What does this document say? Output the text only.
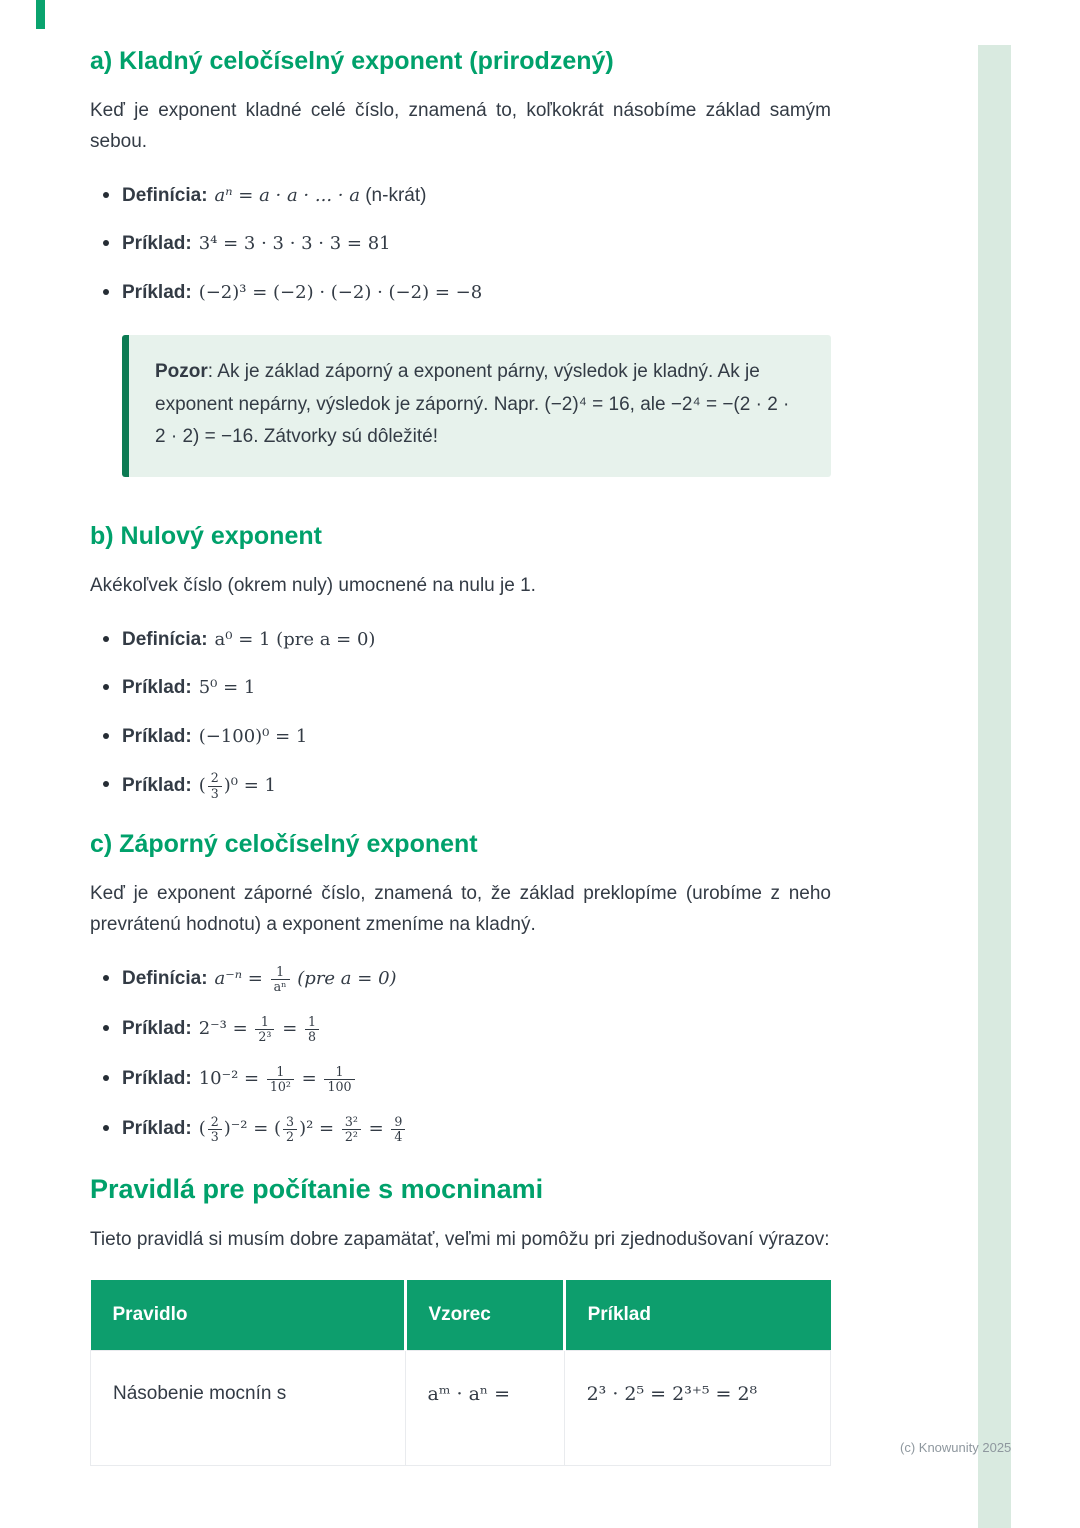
a) Kladný celočíselný exponent (prirodzený)

Keď je exponent kladné celé číslo, znamená to, koľkokrát násobíme základ samým sebou.

Definícia: aⁿ = a · a · ... · a (n-krát)
Príklad: 3⁴ = 3 · 3 · 3 · 3 = 81
Príklad: (−2)³ = (−2) · (−2) · (−2) = −8

Pozor: Ak je základ záporný a exponent párny, výsledok je kladný. Ak je exponent nepárny, výsledok je záporný. Napr. (−2)⁴ = 16, ale −2⁴ = −(2 · 2 · 2 · 2) = −16. Zátvorky sú dôležité!

b) Nulový exponent

Akékoľvek číslo (okrem nuly) umocnené na nulu je 1.

Definícia: a⁰ = 1 (pre a = 0)
Príklad: 5⁰ = 1
Príklad: (−100)⁰ = 1
Príklad: ( $\frac{2}{3} )^0 = 1$
c) Záporný celočíselný exponent

Keď je exponent záporné číslo, znamená to, že základ preklopíme (urobíme z neho prevrátenú hodnotu) a exponent zmeníme na kladný.

Definícia: $a^{-n} = \frac{1}{\text{aⁿ}} (pre$ a = 0)
Príklad: $2^{-3} = \frac{1}{\text{2³}} = \frac{1}{8}$
Príklad: $10^{-2} = \frac{1}{\text{10²}} = \frac{1}{100}$
Príklad: ( $\frac{2}{3} )^{-2}$ = ( $\frac{3}{2} )^2 = \frac{\text{3²}}{\text{2²}} = \frac{9}{4}$
Pravidlá pre počítanie s mocninami

Tieto pravidlá si musím dobre zapamätať, veľmi mi pomôžu pri zjednodušovaní výrazov:

Pravidlo	Vzorec	Príklad
Násobenie mocnín s	aᵐ · aⁿ =	2³ · 2⁵ = 2³⁺⁵ = 2⁸
(c) Knowunity 2025
